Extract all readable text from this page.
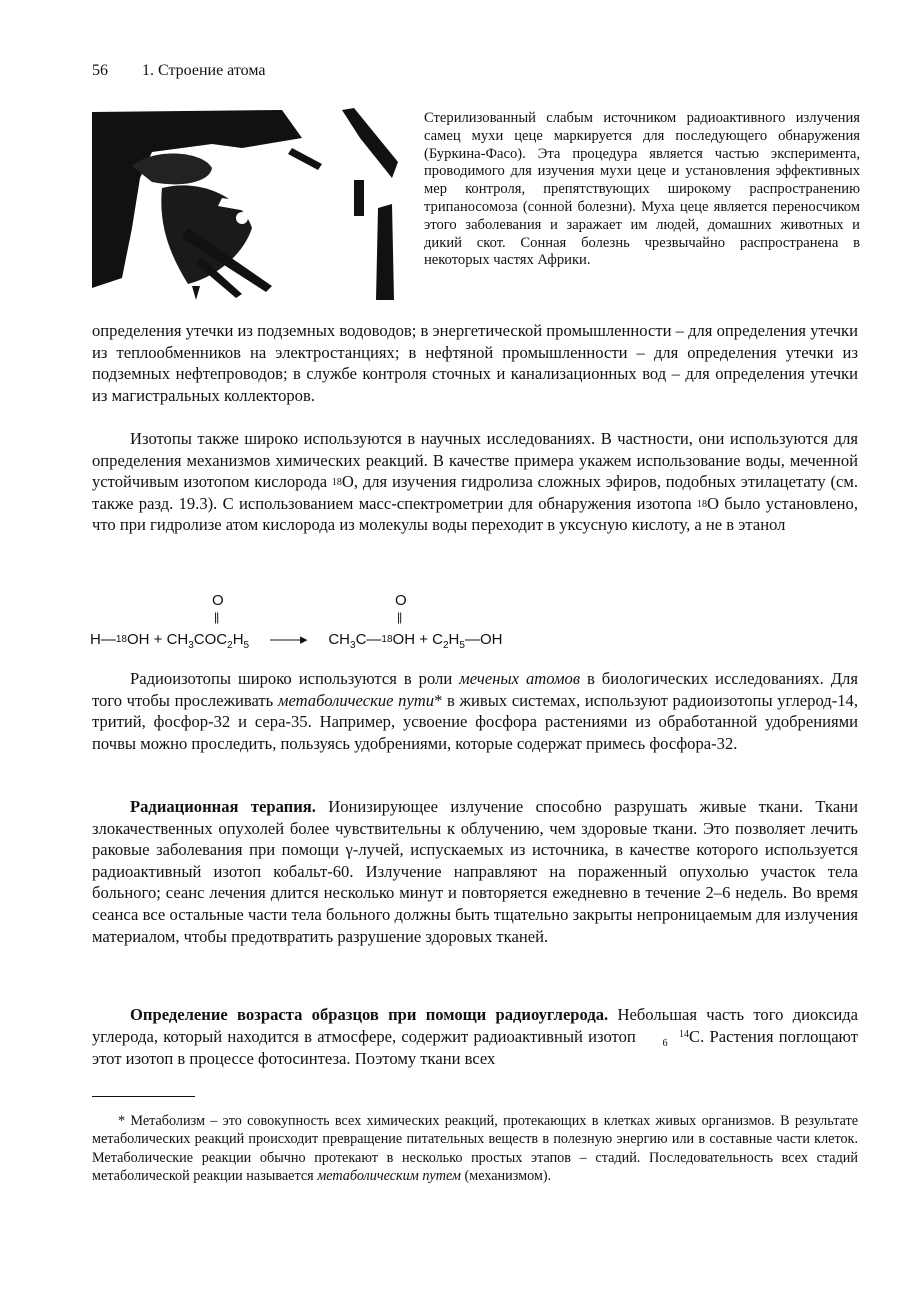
56 1. Строение атома
Стерилизованный слабым источником радиоактивного излучения самец мухи цеце маркируется для последующего обнаружения (Буркина-Фасо). Эта процедура является частью эксперимента, проводимого для изучения мухи цеце и установления эффективных мер контроля, препятствующих широкому распространению трипаносомоза (сонной болезни). Муха цеце является переносчиком этого заболевания и заражает им людей, домашних животных и дикий скот. Сонная болезнь чрезвычайно распространена в некоторых частях Африки.

определения утечки из подземных водоводов; в энергетической промышленности – для определения утечки из теплообменников на электростанциях; в нефтяной промышленности – для определения утечки из подземных нефтепроводов; в службе контроля сточных и канализационных вод – для определения утечки из магистральных коллекторов.

Изотопы также широко используются в научных исследованиях. В частности, они используются для определения механизмов химических реакций. В качестве примера укажем использование воды, меченной устойчивым изотопом кислорода $^{18}$O, для изучения гидролиза сложных эфиров, подобных этилацетату (см. также разд. 19.3). С использованием масс-спектрометрии для обнаружения изотопа $^{18}$O было установлено, что при гидролизе атом кислорода из молекулы воды переходит в уксусную кислоту, а не в этанол

O
||
O
||
H—$^{18}$OH + $CH_3COC_2H_5$ ——▸ $CH_3C—^{18}OH$ + $C_2H_5—OH$

Радиоизотопы широко используются в роли меченых атомов в биологических исследованиях. Для того чтобы прослеживать метаболические пути* в живых системах, используют радиоизотопы углерод-14, тритий, фосфор-32 и сера-35. Например, усвоение фосфора растениями из обработанной удобрениями почвы можно проследить, пользуясь удобрениями, которые содержат примесь фосфора-32.

Радиационная терапия. Ионизирующее излучение способно разрушать живые ткани. Ткани злокачественных опухолей более чувствительны к облучению, чем здоровые ткани. Это позволяет лечить раковые заболевания при помощи γ-лучей, испускаемых из источника, в качестве которого используется радиоактивный изотоп кобальт-60. Излучение направляют на пораженный опухолью участок тела больного; сеанс лечения длится несколько минут и повторяется ежедневно в течение 2–6 недель. Во время сеанса все остальные части тела больного должны быть тщательно закрыты непроницаемым для излучения материалом, чтобы предотвратить разрушение здоровых тканей.

Определение возраста образцов при помощи радиоуглерода. Небольшая часть того диоксида углерода, который находится в атмосфере, содержит радиоактивный изотоп	14
6 C. Растения поглощают этот изотоп в процессе фотосинтеза. Поэтому ткани всех

* Метаболизм – это совокупность всех химических реакций, протекающих в клетках живых организмов. В результате метаболических реакций происходит превращение питательных веществ в полезную энергию или в составные части клеток. Метаболические реакции обычно протекают в несколько простых этапов – стадий. Последовательность всех стадий метаболической реакции называется метаболическим путем (механизмом).
